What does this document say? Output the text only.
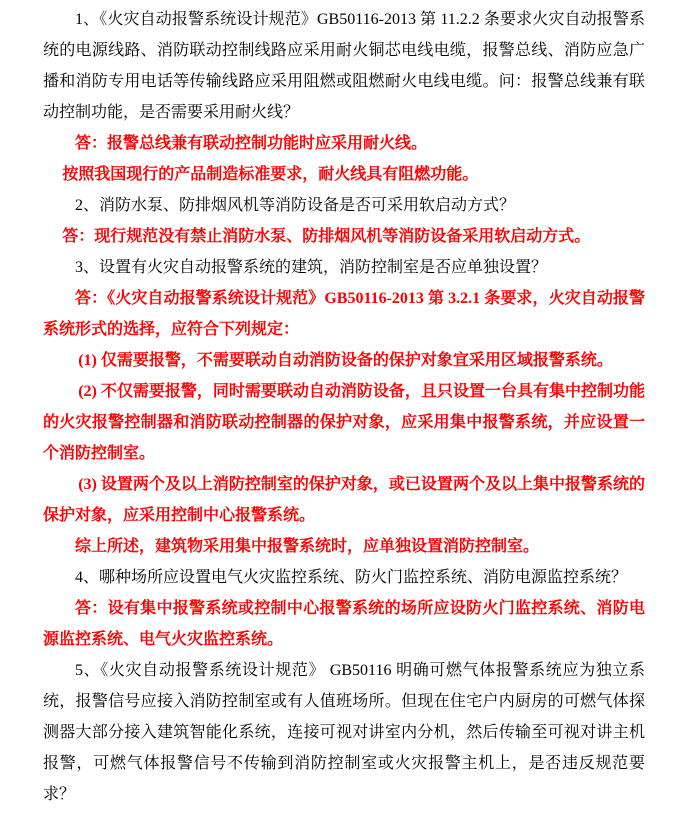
1、《火灾自动报警系统设计规范》GB50116-2013 第 11.2.2 条要求火灾自动报警系统的电源线路、消防联动控制线路应采用耐火铜芯电线电缆，报警总线、消防应急广播和消防专用电话等传输线路应采用阻燃或阻燃耐火电线电缆。问：报警总线兼有联动控制功能，是否需要采用耐火线？

答：报警总线兼有联动控制功能时应采用耐火线。

按照我国现行的产品制造标准要求，耐火线具有阻燃功能。

2、消防水泵、防排烟风机等消防设备是否可采用软启动方式？

答：现行规范没有禁止消防水泵、防排烟风机等消防设备采用软启动方式。

3、设置有火灾自动报警系统的建筑，消防控制室是否应单独设置？

答：《火灾自动报警系统设计规范》GB50116-2013 第 3.2.1 条要求，火灾自动报警系统形式的选择，应符合下列规定：

(1) 仅需要报警，不需要联动自动消防设备的保护对象宜采用区域报警系统。

(2) 不仅需要报警，同时需要联动自动消防设备，且只设置一台具有集中控制功能的火灾报警控制器和消防联动控制器的保护对象，应采用集中报警系统，并应设置一个消防控制室。

(3) 设置两个及以上消防控制室的保护对象，或已设置两个及以上集中报警系统的保护对象，应采用控制中心报警系统。

综上所述，建筑物采用集中报警系统时，应单独设置消防控制室。

4、哪种场所应设置电气火灾监控系统、防火门监控系统、消防电源监控系统？

答：设有集中报警系统或控制中心报警系统的场所应设防火门监控系统、消防电源监控系统、电气火灾监控系统。

5、《火灾自动报警系统设计规范》 GB50116 明确可燃气体报警系统应为独立系统，报警信号应接入消防控制室或有人值班场所。但现在住宅户内厨房的可燃气体探测器大部分接入建筑智能化系统，连接可视对讲室内分机，然后传输至可视对讲主机报警，可燃气体报警信号不传输到消防控制室或火灾报警主机上，是否违反规范要求？
